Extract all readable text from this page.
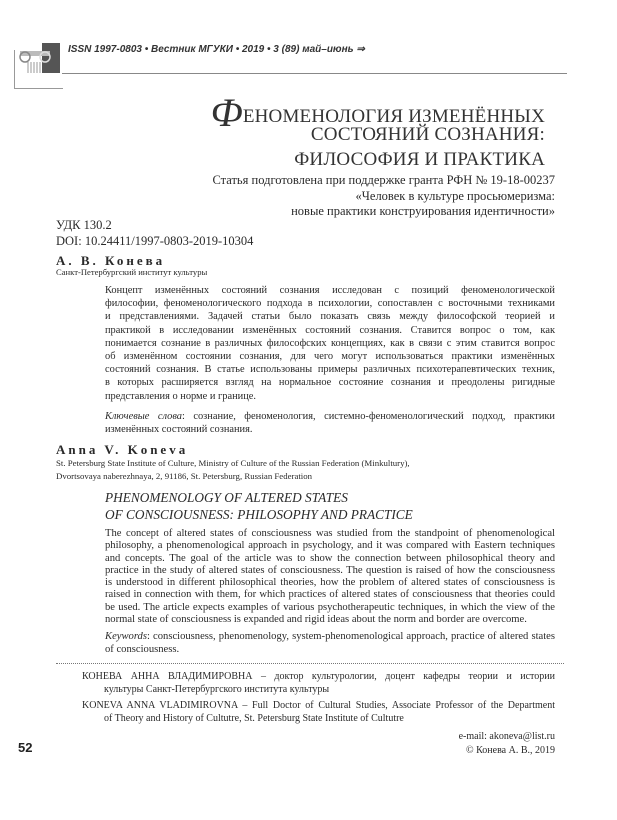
ISSN 1997-0803 • Вестник МГУКИ • 2019 • 3 (89) май–июнь ⇒
ФЕНОМЕНОЛОГИЯ ИЗМЕНЁННЫХ
СОСТОЯНИЙ СОЗНАНИЯ:
ФИЛОСОФИЯ И ПРАКТИКА
Статья подготовлена при поддержке гранта РФН № 19-18-00237
«Человек в культуре просьюмеризма:
новые практики конструирования идентичности»
УДК 130.2
DOI: 10.24411/1997-0803-2019-10304
А. В. Конева
Санкт-Петербургский институт культуры
Концепт изменённых состояний сознания исследован с позиций феноменологической
философии, феноменологического подхода в психологии, сопоставлен с восточными техниками
и представлениями. Задачей статьи было показать связь между философской теорией и
практикой в исследовании изменённых состояний сознания. Ставится вопрос о том, как
понимается сознание в различных философских концепциях, как в связи с этим ставится вопрос
об изменённом состоянии сознания, для чего могут использоваться практики изменённых
состояний сознания. В статье использованы примеры различных психотерапевтических техник,
в которых расширяется взгляд на нормальное состояние сознания и преодолены ригидные
представления о норме и границе.
Ключевые слова: сознание, феноменология, системно-феноменологический подход, практики
изменённых состояний сознания.
Anna V. Koneva
St. Petersburg State Institute of Culture, Ministry of Culture of the Russian Federation (Minkultury),
Dvortsovaya naberezhnaya, 2, 91186, St. Petersburg, Russian Federation
PHENOMENOLOGY OF ALTERED STATES
OF CONSCIOUSNESS: PHILOSOPHY AND PRACTICE
The concept of altered states of consciousness was studied from the standpoint of phenomenological
philosophy, a phenomenological approach in psychology, and it was compared with Eastern techniques
and concepts. The goal of the article was to show the connection between philosophical theory and
practice in the study of altered states of consciousness. The question is raised of how the consciousness
is understood in different philosophical theories, how the problem of altered states of consciousness is
raised in connection with them, for which practices of altered states of consciousness that theories could
be used. The article expects examples of various psychotherapeutic techniques, in which the view of the
normal state of consciousness is expanded and rigid ideas about the norm and border are overcome.
Keywords: consciousness, phenomenology, system-phenomenological approach, practice of altered states
of consciousness.
КОНЕВА АННА ВЛАДИМИРОВНА – доктор культурологии, доцент кафедры теории и истории
культуры Санкт-Петербургского института культуры
KONEVA ANNA VLADIMIROVNA – Full Doctor of Cultural Studies, Associate Professor of the Department
of Theory and History of Cultutre, St. Petersburg State Institute of Cultutre
e-mail: akoneva@list.ru
© Конева А. В., 2019
52
